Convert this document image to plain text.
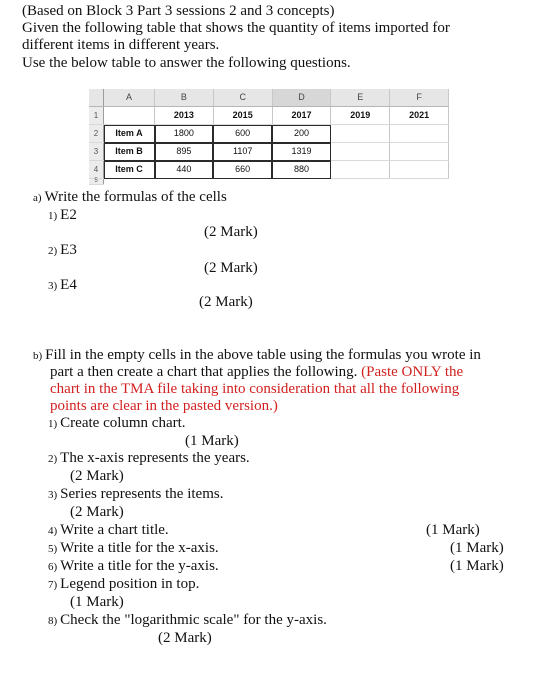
(Based on Block 3 Part 3 sessions 2 and 3 concepts)
Given the following table that shows the quantity of items imported for
different items in different years.
Use the below table to answer the following questions.
	A	B	C	D	E	F
1		2013	2015	2017	2019	2021
2	Item A	1800	600	200		
3	Item B	895	1107	1319		
4	Item C	440	660	880		
5						
a) Write the formulas of the cells
1) E2
(2 Mark)
2) E3
(2 Mark)
3) E4
(2 Mark)
b) Fill in the empty cells in the above table using the formulas you wrote in
part a then create a chart that applies the following. (Paste ONLY the
chart in the TMA file taking into consideration that all the following
points are clear in the pasted version.)
1) Create column chart.
(1 Mark)
2) The x-axis represents the years.
(2 Mark)
3) Series represents the items.
(2 Mark)
4) Write a chart title.	(1 Mark)
5) Write a title for the x-axis.	(1 Mark)
6) Write a title for the y-axis.	(1 Mark)
7) Legend position in top.
(1 Mark)
8) Check the "logarithmic scale" for the y-axis.
(2 Mark)
